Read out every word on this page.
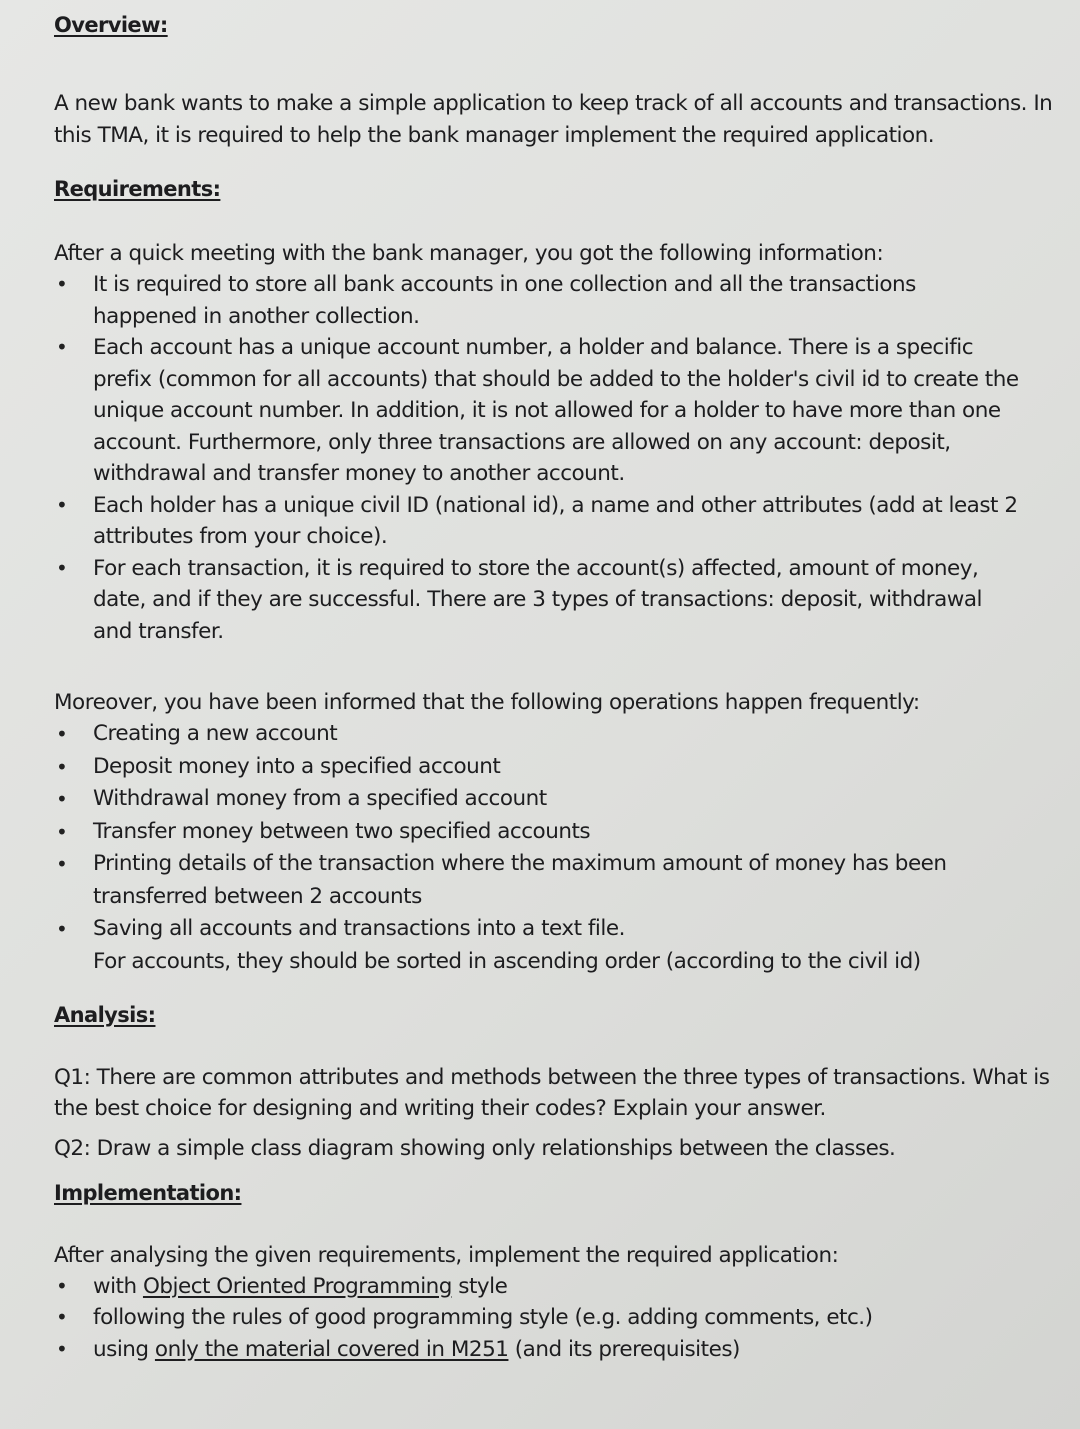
Overview:
A new bank wants to make a simple application to keep track of all accounts and transactions. In this TMA, it is required to help the bank manager implement the required application.
Requirements:
After a quick meeting with the bank manager, you got the following information:
• It is required to store all bank accounts in one collection and all the transactions happened in another collection.
• Each account has a unique account number, a holder and balance. There is a specific prefix (common for all accounts) that should be added to the holder's civil id to create the unique account number. In addition, it is not allowed for a holder to have more than one account. Furthermore, only three transactions are allowed on any account: deposit, withdrawal and transfer money to another account.
• Each holder has a unique civil ID (national id), a name and other attributes (add at least 2 attributes from your choice).
• For each transaction, it is required to store the account(s) affected, amount of money, date, and if they are successful. There are 3 types of transactions: deposit, withdrawal and transfer.
Moreover, you have been informed that the following operations happen frequently:
• Creating a new account
• Deposit money into a specified account
• Withdrawal money from a specified account
• Transfer money between two specified accounts
• Printing details of the transaction where the maximum amount of money has been transferred between 2 accounts
• Saving all accounts and transactions into a text file.
For accounts, they should be sorted in ascending order (according to the civil id)
Analysis:
Q1: There are common attributes and methods between the three types of transactions. What is the best choice for designing and writing their codes? Explain your answer.
Q2: Draw a simple class diagram showing only relationships between the classes.
Implementation:
After analysing the given requirements, implement the required application:
• with Object Oriented Programming style
• following the rules of good programming style (e.g. adding comments, etc.)
• using only the material covered in M251 (and its prerequisites)
